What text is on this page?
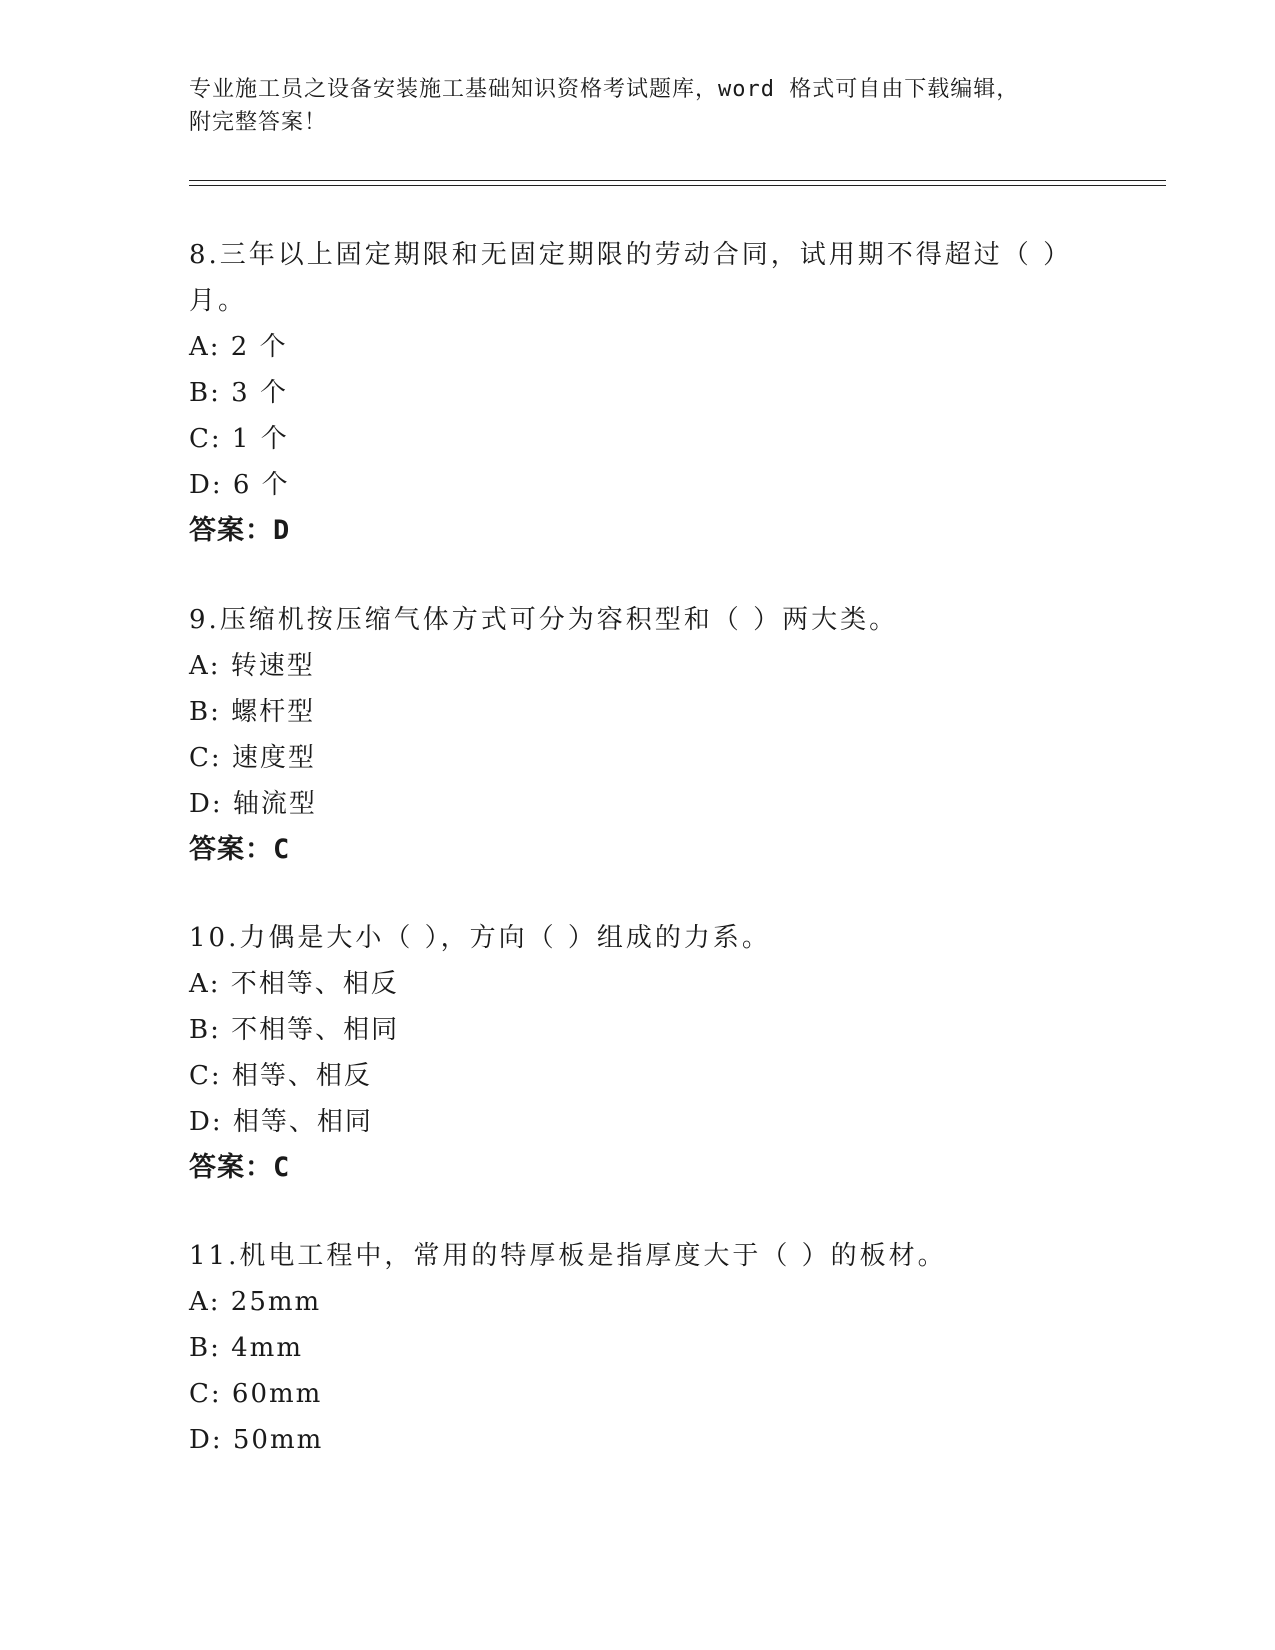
专业施工员之设备安装施工基础知识资格考试题库，word 格式可自由下载编辑，
附完整答案！
8.三年以上固定期限和无固定期限的劳动合同，试用期不得超过（ ）
月。
A: 2 个
B: 3 个
C: 1 个
D: 6 个
答案：D
9.压缩机按压缩气体方式可分为容积型和（ ）两大类。
A: 转速型
B: 螺杆型
C: 速度型
D: 轴流型
答案：C
10.力偶是大小（ ），方向（ ）组成的力系。
A: 不相等、相反
B: 不相等、相同
C: 相等、相反
D: 相等、相同
答案：C
11.机电工程中，常用的特厚板是指厚度大于（ ）的板材。
A: 25mm
B: 4mm
C: 60mm
D: 50mm
